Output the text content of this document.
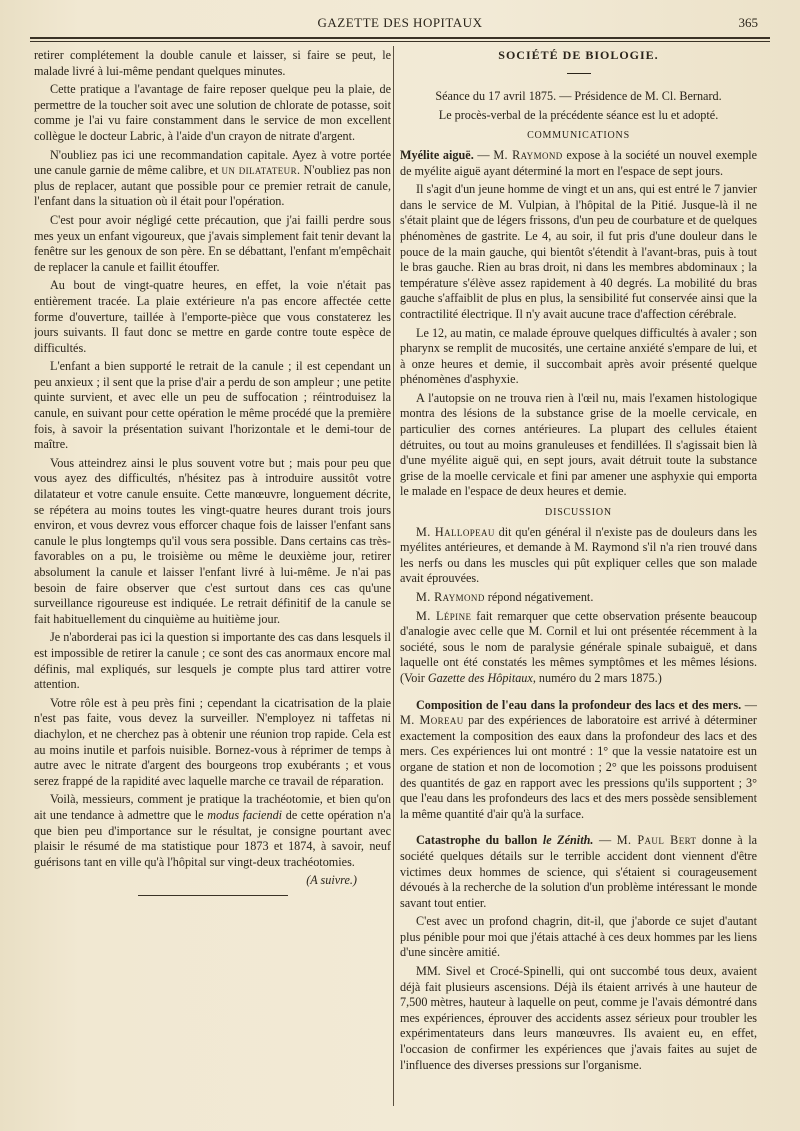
GAZETTE DES HOPITAUX	365

retirer complétement la double canule et laisser, si faire se peut, le malade livré à lui-même pendant quelques minutes.

Cette pratique a l'avantage de faire reposer quelque peu la plaie, de permettre de la toucher soit avec une solution de chlorate de potasse, soit comme je l'ai vu faire constamment dans le service de mon excellent collègue le docteur Labric, à l'aide d'un crayon de nitrate d'argent.

N'oubliez pas ici une recommandation capitale. Ayez à votre portée une canule garnie de même calibre, et un dilatateur. N'oubliez pas non plus de replacer, autant que possible pour ce premier retrait de canule, l'enfant dans la situation où il était pour l'opération.

C'est pour avoir négligé cette précaution, que j'ai failli perdre sous mes yeux un enfant vigoureux, que j'avais simplement fait tenir devant la fenêtre sur les genoux de son père. En se débattant, l'enfant m'empêchait de replacer la canule et faillit étouffer.

Au bout de vingt-quatre heures, en effet, la voie n'était pas entièrement tracée. La plaie extérieure n'a pas encore affectée cette forme d'ouverture, taillée à l'emporte-pièce que vous constaterez les jours suivants. Il faut donc se mettre en garde contre toute espèce de difficultés.

L'enfant a bien supporté le retrait de la canule ; il est cependant un peu anxieux ; il sent que la prise d'air a perdu de son ampleur ; une petite quinte survient, et avec elle un peu de suffocation ; réintroduisez la canule, en suivant pour cette opération le même procédé que la première fois, à savoir la présentation suivant l'horizontale et le demi-tour de maître.

Vous atteindrez ainsi le plus souvent votre but ; mais pour peu que vous ayez des difficultés, n'hésitez pas à introduire aussitôt votre dilatateur et votre canule ensuite. Cette manœuvre, longuement décrite, se répétera au moins toutes les vingt-quatre heures durant trois jours environ, et vous devrez vous efforcer chaque fois de laisser l'enfant sans canule le plus longtemps qu'il vous sera possible. Dans certains cas très-favorables on a pu, le troisième ou même le deuxième jour, retirer absolument la canule et laisser l'enfant livré à lui-même. Je n'ai pas besoin de faire observer que c'est surtout dans ces cas qu'une surveillance rigoureuse est indiquée. Le retrait définitif de la canule se fait habituellement du cinquième au huitième jour.

Je n'aborderai pas ici la question si importante des cas dans lesquels il est impossible de retirer la canule ; ce sont des cas anormaux encore mal définis, mal expliqués, sur lesquels je compte plus tard attirer votre attention.

Votre rôle est à peu près fini ; cependant la cicatrisation de la plaie n'est pas faite, vous devez la surveiller. N'employez ni taffetas ni diachylon, et ne cherchez pas à obtenir une réunion trop rapide. Cela est au moins inutile et parfois nuisible. Bornez-vous à réprimer de temps à autre avec le nitrate d'argent des bourgeons trop exubérants ; et vous serez frappé de la rapidité avec laquelle marche ce travail de réparation.

Voilà, messieurs, comment je pratique la trachéotomie, et bien qu'on ait une tendance à admettre que le modus faciendi de cette opération n'a que bien peu d'importance sur le résultat, je consigne pourtant avec plaisir le résumé de ma statistique pour 1873 et 1874, à savoir, neuf guérisons tant en ville qu'à l'hôpital sur vingt-deux trachéotomies.

(A suivre.)
SOCIÉTÉ DE BIOLOGIE.

Séance du 17 avril 1875. — Présidence de M. Cl. Bernard.

Le procès-verbal de la précédente séance est lu et adopté.

COMMUNICATIONS

Myélite aiguë. — M. Raymond expose à la société un nouvel exemple de myélite aiguë ayant déterminé la mort en l'espace de sept jours.

Il s'agit d'un jeune homme de vingt et un ans, qui est entré le 7 janvier dans le service de M. Vulpian, à l'hôpital de la Pitié. Jusque-là il ne s'était plaint que de légers frissons, d'un peu de courbature et de quelques phénomènes de gastrite. Le 4, au soir, il fut pris d'une douleur dans le pouce de la main gauche, qui bientôt s'étendit à l'avant-bras, puis à tout le bras gauche. Rien au bras droit, ni dans les membres abdominaux ; la température s'élève assez rapidement à 40 degrés. La mobilité du bras gauche s'affaiblit de plus en plus, la sensibilité fut conservée ainsi que la contractilité électrique. Il n'y avait aucune trace d'affection cérébrale.

Le 12, au matin, ce malade éprouve quelques difficultés à avaler ; son pharynx se remplit de mucosités, une certaine anxiété s'empare de lui, et à onze heures et demie, il succombait après avoir présenté quelque phénomènes d'asphyxie.

A l'autopsie on ne trouva rien à l'œil nu, mais l'examen histologique montra des lésions de la substance grise de la moelle cervicale, en particulier des cornes antérieures. La plupart des cellules étaient détruites, ou tout au moins granuleuses et fendillées. Il s'agissait bien là d'une myélite aiguë qui, en sept jours, avait détruit toute la substance grise de la moelle cervicale et fini par amener une asphyxie qui emporta le malade en l'espace de deux heures et demie.

DISCUSSION

M. Hallopeau dit qu'en général il n'existe pas de douleurs dans les myélites antérieures, et demande à M. Raymond s'il n'a rien trouvé dans les nerfs ou dans les muscles qui pût expliquer celles que son malade avait éprouvées.

M. Raymond répond négativement.

M. Lépine fait remarquer que cette observation présente beaucoup d'analogie avec celle que M. Cornil et lui ont présentée récemment à la société, sous le nom de paralysie générale spinale subaiguë, et dans laquelle ont été constatés les mêmes symptômes et les mêmes lésions. (Voir Gazette des Hôpitaux, numéro du 2 mars 1875.)

Composition de l'eau dans la profondeur des lacs et des mers. — M. Moreau par des expériences de laboratoire est arrivé à déterminer exactement la composition des eaux dans la profondeur des lacs et des mers. Ces expériences lui ont montré : 1° que la vessie natatoire est un organe de station et non de locomotion ; 2° que les poissons produisent des quantités de gaz en rapport avec les pressions qu'ils supportent ; 3° que l'eau dans les profondeurs des lacs et des mers possède sensiblement la même quantité d'air qu'à la surface.

Catastrophe du ballon le Zénith. — M. Paul Bert donne à la société quelques détails sur le terrible accident dont viennent d'être victimes deux hommes de science, qui s'étaient si courageusement dévoués à la recherche de la solution d'un problème intéressant le monde savant tout entier.

C'est avec un profond chagrin, dit-il, que j'aborde ce sujet d'autant plus pénible pour moi que j'étais attaché à ces deux hommes par les liens d'une sincère amitié.

MM. Sivel et Crocé-Spinelli, qui ont succombé tous deux, avaient déjà fait plusieurs ascensions. Déjà ils étaient arrivés à une hauteur de 7,500 mètres, hauteur à laquelle on peut, comme je l'avais démontré dans mes expériences, éprouver des accidents assez sérieux pour troubler les expérimentateurs dans leurs manœuvres. Ils avaient eu, en effet, l'occasion de confirmer les expériences que j'avais faites au sujet de l'influence des diverses pressions sur l'organisme.
